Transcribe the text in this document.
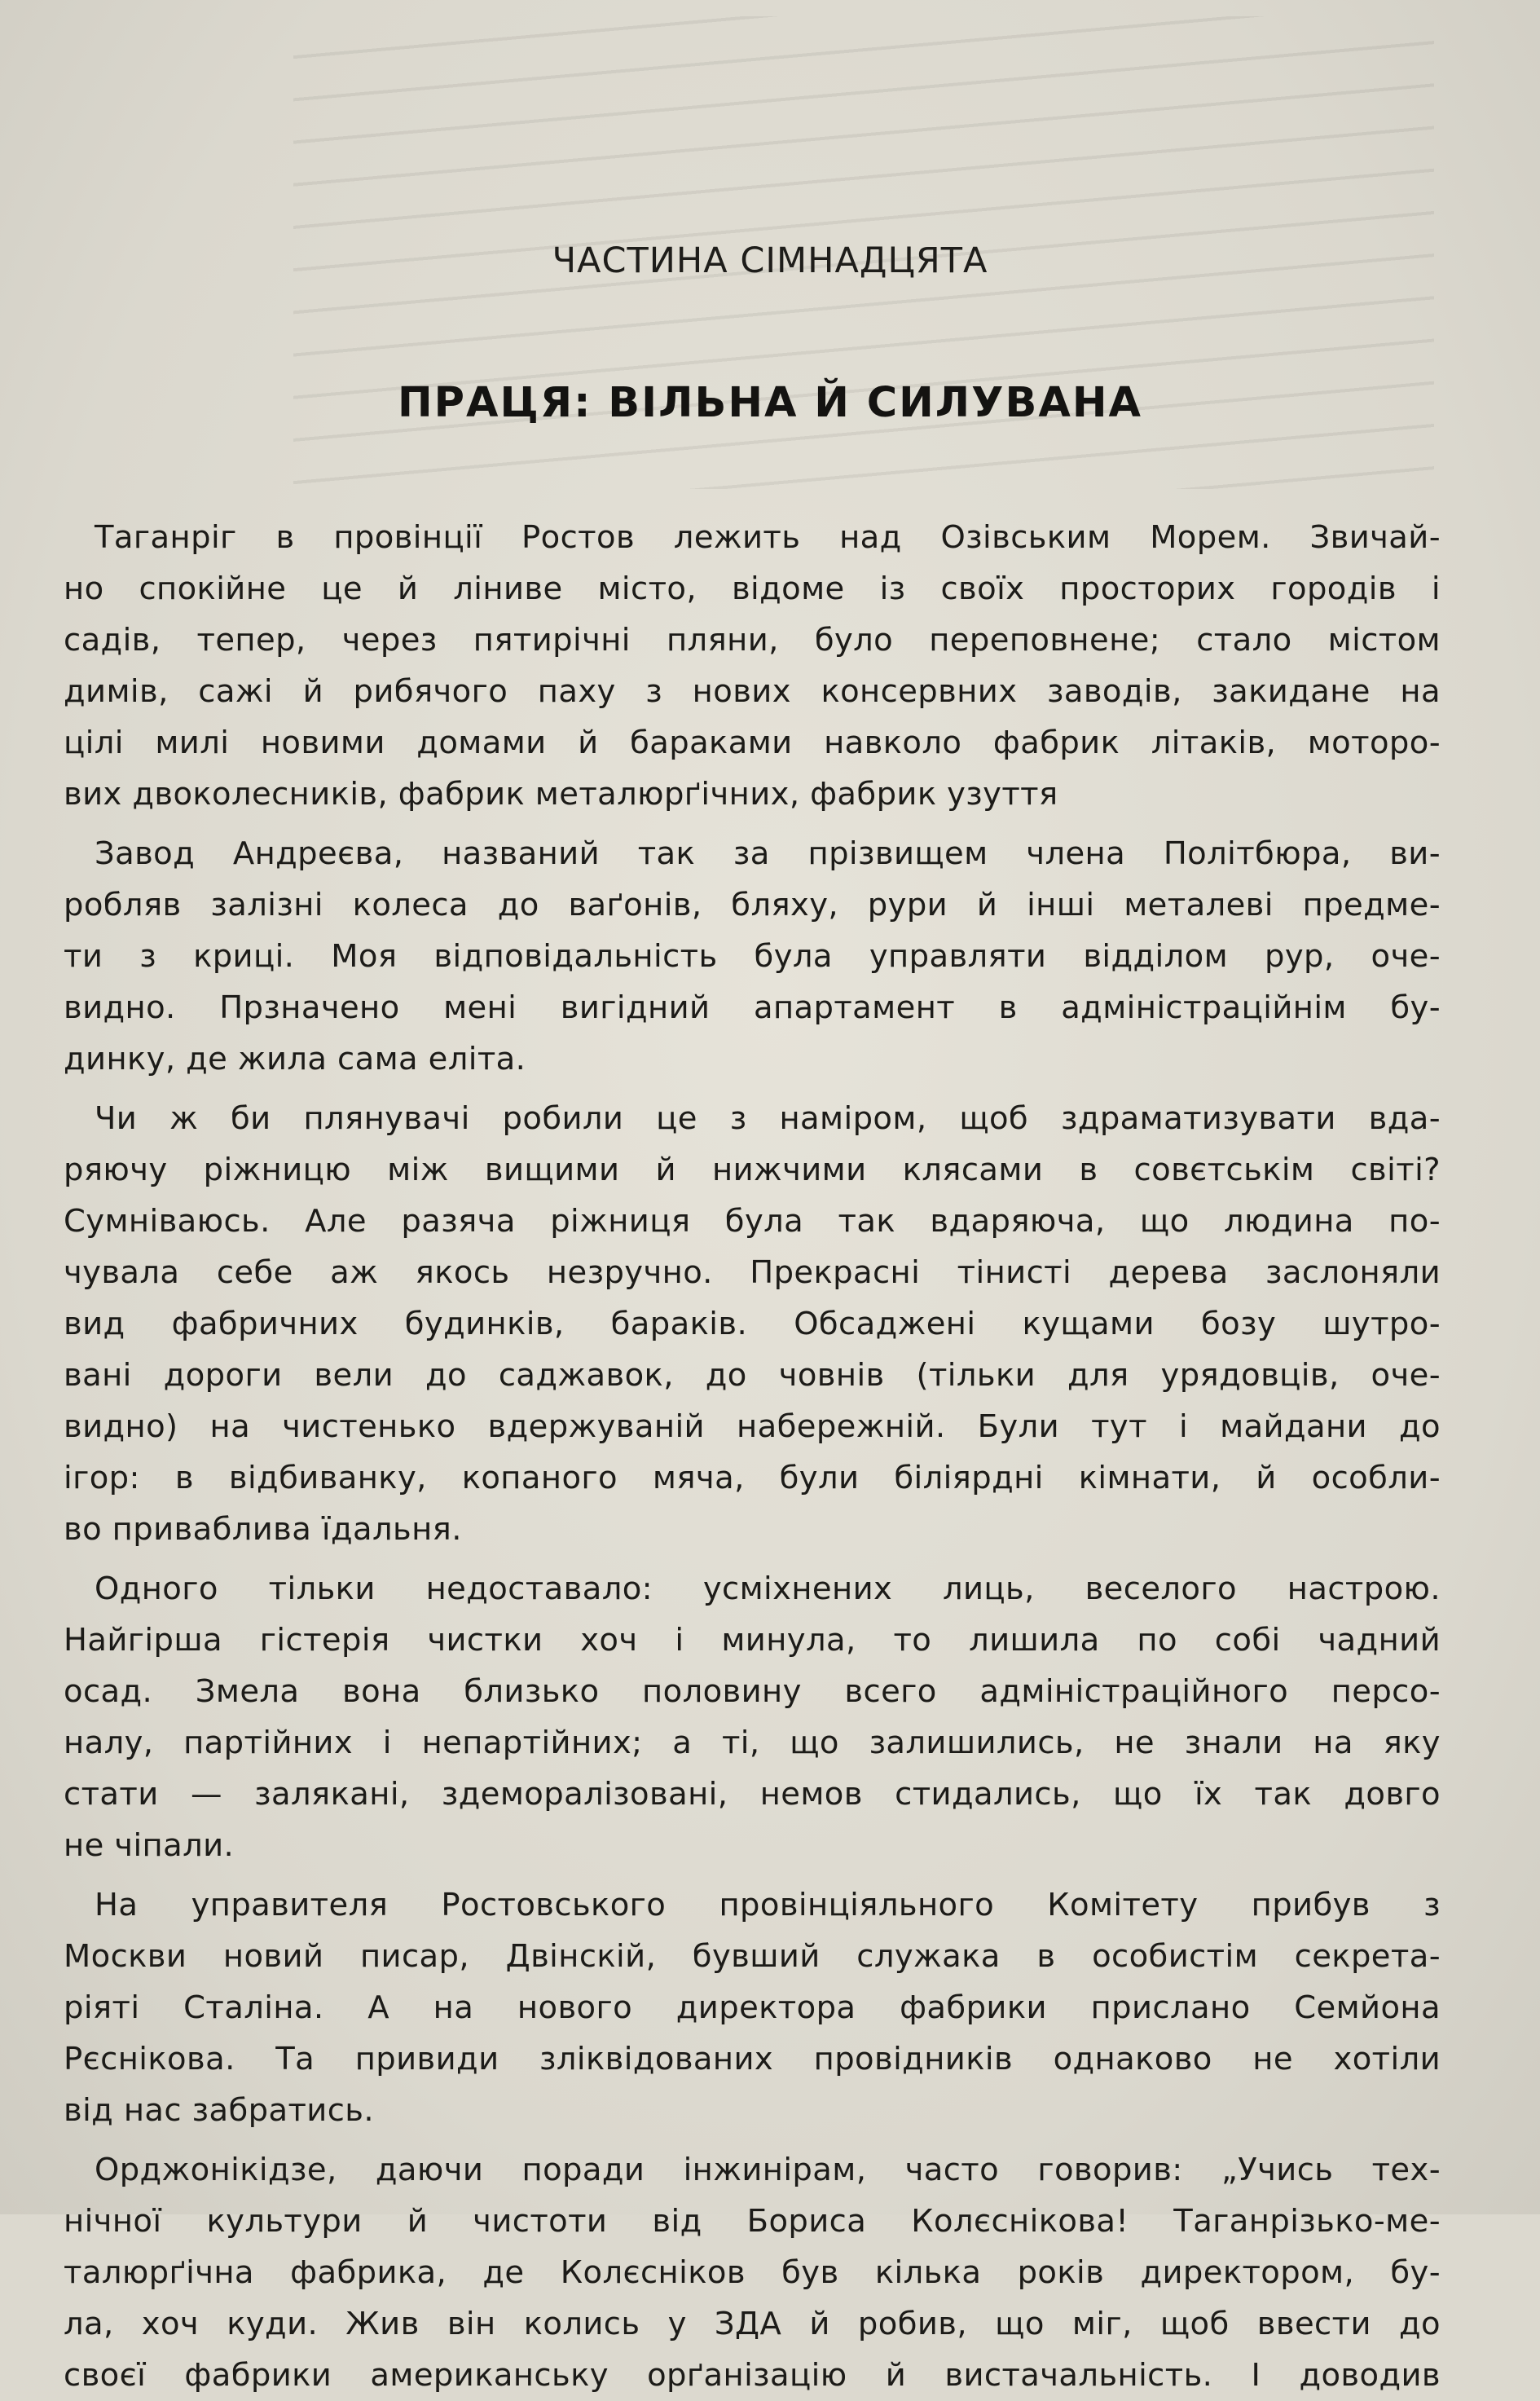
ЧАСТИНА СІМНАДЦЯТА
ПРАЦЯ: ВІЛЬНА Й СИЛУВАНА
Таганріг в провінції Ростов лежить над Озівським Морем. Звичай-
но спокійне це й ліниве місто, відоме із своїх просторих городів і
садів, тепер, через пятирічні пляни, було переповнене; стало містом
димів, сажі й рибячого паху з нових консервних заводів, закидане на
цілі милі новими домами й бараками навколо фабрик літаків, моторо-
вих двоколесників, фабрик металюрґічних, фабрик узуття
Завод Андреєва, названий так за прізвищем члена Політбюра, ви-
робляв залізні колеса до ваґонів, бляху, рури й інші металеві предме-
ти з криці. Моя відповідальність була управляти відділом рур, оче-
видно. Прзначено мені вигідний апартамент в адміністраційнім бу-
динку, де жила сама еліта.
Чи ж би плянувачі робили це з наміром, щоб здраматизувати вда-
ряючу ріжницю між вищими й нижчими клясами в совєтськім світі?
Сумніваюсь. Але разяча ріжниця була так вдаряюча, що людина по-
чувала себе аж якось незручно. Прекрасні тінисті дерева заслоняли
вид фабричних будинків, бараків. Обсаджені кущами бозу шутро-
вані дороги вели до саджавок, до човнів (тільки для урядовців, оче-
видно) на чистенько вдержуваній набережній. Були тут і майдани до
ігор: в відбиванку, копаного мяча, були біліярдні кімнати, й особли-
во приваблива їдальня.
Одного тільки недоставало: усміхнених лиць, веселого настрою.
Найгірша гістерія чистки хоч і минула, то лишила по собі чадний
осад. Змела вона близько половину всего адміністраційного персо-
налу, партійних і непартійних; а ті, що залишились, не знали на яку
стати — залякані, здеморалізовані, немов стидались, що їх так довго
не чіпали.
На управителя Ростовського провінціяльного Комітету прибув з
Москви новий писар, Двінскій, бувший служака в особистім секрета-
ріяті Сталіна. А на нового директора фабрики прислано Семйона
Рєснікова. Та привиди зліквідованих провідників однаково не хотіли
від нас забратись.
Орджонікідзе, даючи поради інжинірам, часто говорив: „Учись тех-
нічної культури й чистоти від Бориса Колєснікова! Таганрізько-ме-
талюрґічна фабрика, де Колєсніков був кілька років директором, бу-
ла, хоч куди. Жив він колись у ЗДА й робив, що міг, щоб ввести до
своєї фабрики американську орґанізацію й вистачальність. І доводив
